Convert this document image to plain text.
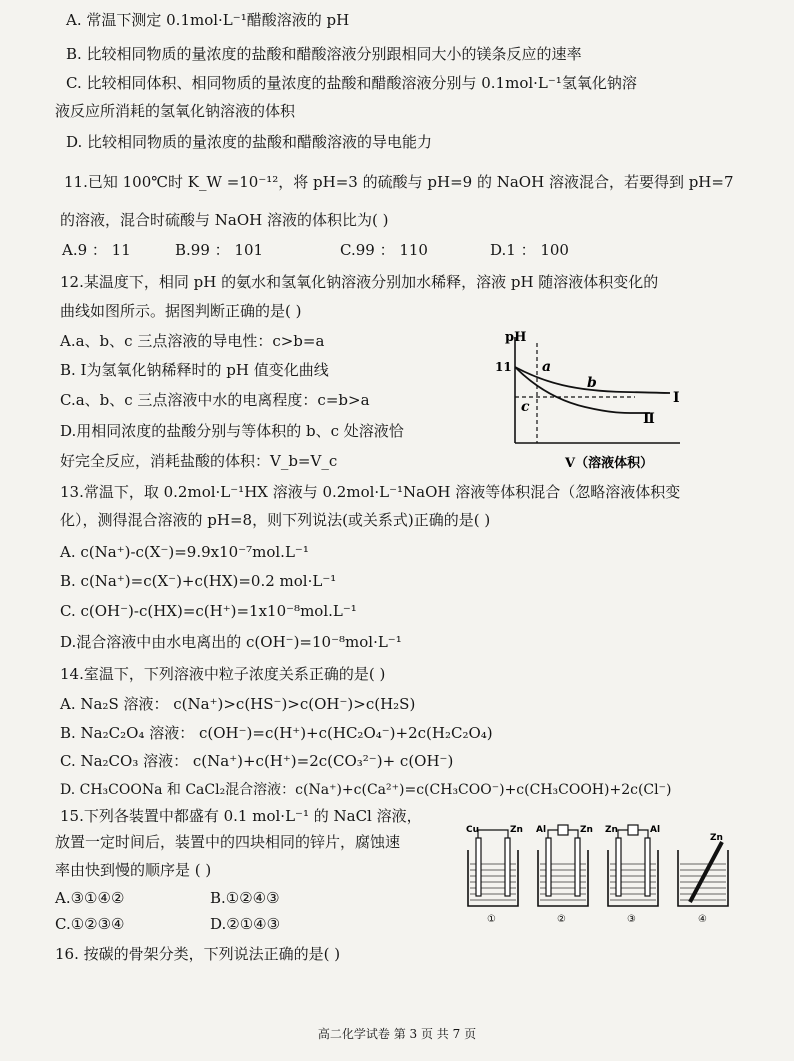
A. 常温下测定 0.1mol·L⁻¹醋酸溶液的 pH
B. 比较相同物质的量浓度的盐酸和醋酸溶液分别跟相同大小的镁条反应的速率
C. 比较相同体积、相同物质的量浓度的盐酸和醋酸溶液分别与 0.1mol·L⁻¹氢氧化钠溶
液反应所消耗的氢氧化钠溶液的体积
D. 比较相同物质的量浓度的盐酸和醋酸溶液的导电能力
11.已知 100℃时 K_W =10⁻¹²，将 pH=3 的硫酸与 pH=9 的 NaOH 溶液混合，若要得到 pH=7
的溶液，混合时硫酸与 NaOH 溶液的体积比为( )
A.9 ： 11	B.99 ： 101	C.99 ： 110	D.1 ： 100
12.某温度下，相同 pH 的氨水和氢氧化钠溶液分别加水稀释，溶液 pH 随溶液体积变化的
曲线如图所示。据图判断正确的是( )
A.a、b、c 三点溶液的导电性：c>b=a
B. Ⅰ为氢氧化钠稀释时的 pH 值变化曲线
C.a、b、c 三点溶液中水的电离程度：c=b>a
D.用相同浓度的盐酸分别与等体积的 b、c 处溶液恰
好完全反应，消耗盐酸的体积：V_b=V_c
pH
11 a
b
c
Ⅰ
Ⅱ
V（溶液体积）
13.常温下，取 0.2mol·L⁻¹HX 溶液与 0.2mol·L⁻¹NaOH 溶液等体积混合（忽略溶液体积变
化），测得混合溶液的 pH=8，则下列说法(或关系式)正确的是( )
A. c(Na⁺)-c(X⁻)=9.9x10⁻⁷mol.L⁻¹
B. c(Na⁺)=c(X⁻)+c(HX)=0.2 mol·L⁻¹
C. c(OH⁻)-c(HX)=c(H⁺)=1x10⁻⁸mol.L⁻¹
D.混合溶液中由水电离出的 c(OH⁻)=10⁻⁸mol·L⁻¹
14.室温下，下列溶液中粒子浓度关系正确的是( )
A. Na₂S 溶液： c(Na⁺)>c(HS⁻)>c(OH⁻)>c(H₂S)
B. Na₂C₂O₄ 溶液： c(OH⁻)=c(H⁺)+c(HC₂O₄⁻)+2c(H₂C₂O₄)
C. Na₂CO₃ 溶液： c(Na⁺)+c(H⁺)=2c(CO₃²⁻)+ c(OH⁻)
D. CH₃COONa 和 CaCl₂混合溶液：c(Na⁺)+c(Ca²⁺)=c(CH₃COO⁻)+c(CH₃COOH)+2c(Cl⁻)
15.下列各装置中都盛有 0.1 mol·L⁻¹ 的 NaCl 溶液，
放置一定时间后，装置中的四块相同的锌片，腐蚀速
率由快到慢的顺序是 ( )
A.③①④②	B.①②④③
C.①②③④	D.②①④③
Cu	Zn
①
Al	Zn
②
Zn	Al
③
Zn
④
16. 按碳的骨架分类，下列说法正确的是( )
高二化学试卷 第 3 页 共 7 页
